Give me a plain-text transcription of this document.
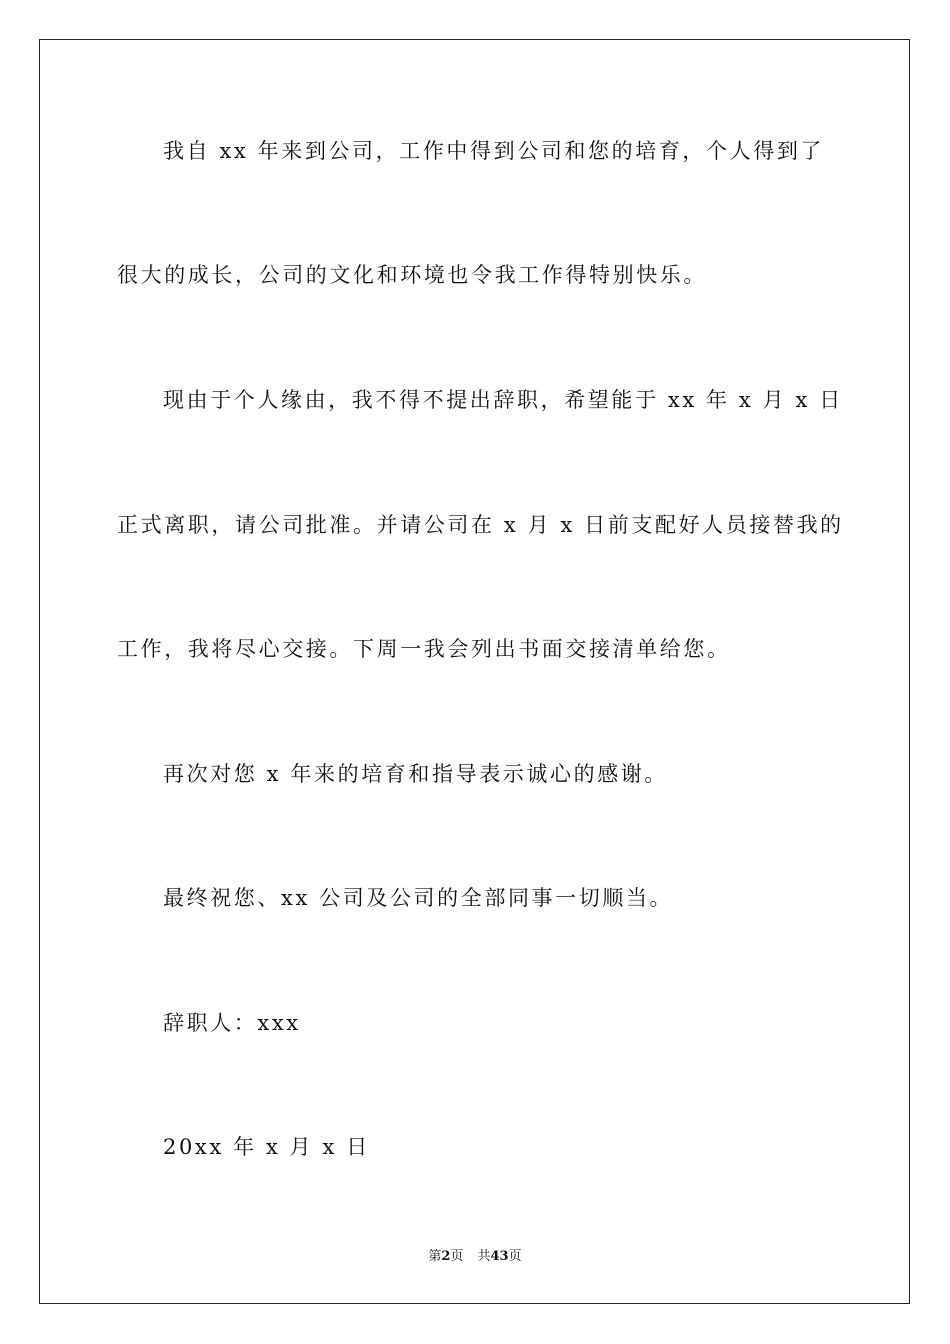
我自 xx 年来到公司，工作中得到公司和您的培育，个人得到了

很大的成长，公司的文化和环境也令我工作得特别快乐。

现由于个人缘由，我不得不提出辞职，希望能于 xx 年 x 月 x 日

正式离职，请公司批准。并请公司在 x 月 x 日前支配好人员接替我的

工作，我将尽心交接。下周一我会列出书面交接清单给您。

再次对您 x 年来的培育和指导表示诚心的感谢。

最终祝您、xx 公司及公司的全部同事一切顺当。

辞职人：xxx

20xx 年 x 月 x 日

第2页 共43页
